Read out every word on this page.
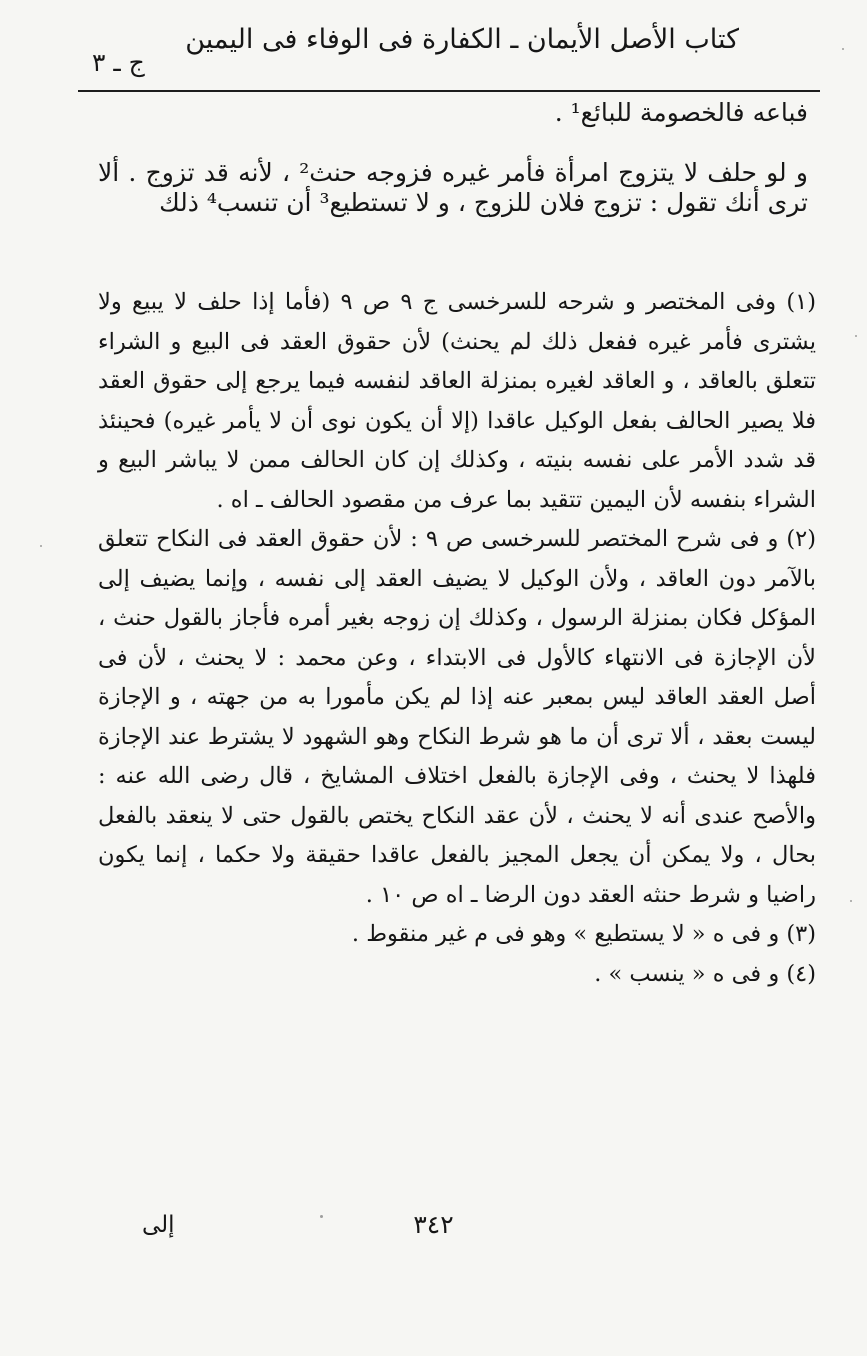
كتاب الأصل الأيمان ـ الكفارة فى الوفاء فى اليمين
ج ـ ٣

فباعه فالخصومة للبائع¹ .

و لو حلف لا يتزوج امرأة فأمر غيره فزوجه حنث² ، لأنه قد تزوج . ألا ترى أنك تقول : تزوج فلان للزوج ، و لا تستطيع³ أن تنسب⁴ ذلك

(١) وفى المختصر و شرحه للسرخسى ج ٩ ص ٩ (فأما إذا حلف لا يبيع ولا يشترى فأمر غيره ففعل ذلك لم يحنث) لأن حقوق العقد فى البيع و الشراء تتعلق بالعاقد ، و العاقد لغيره بمنزلة العاقد لنفسه فيما يرجع إلى حقوق العقد فلا يصير الحالف بفعل الوكيل عاقدا (إلا أن يكون نوى أن لا يأمر غيره) فحينئذ قد شدد الأمر على نفسه بنيته ، وكذلك إن كان الحالف ممن لا يباشر البيع و الشراء بنفسه لأن اليمين تتقيد بما عرف من مقصود الحالف ـ اه .

(٢) و فى شرح المختصر للسرخسى ص ٩ : لأن حقوق العقد فى النكاح تتعلق بالآمر دون العاقد ، ولأن الوكيل لا يضيف العقد إلى نفسه ، وإنما يضيف إلى المؤكل فكان بمنزلة الرسول ، وكذلك إن زوجه بغير أمره فأجاز بالقول حنث ، لأن الإجازة فى الانتهاء كالأول فى الابتداء ، وعن محمد : لا يحنث ، لأن فى أصل العقد العاقد ليس بمعبر عنه إذا لم يكن مأمورا به من جهته ، و الإجازة ليست بعقد ، ألا ترى أن ما هو شرط النكاح وهو الشهود لا يشترط عند الإجازة فلهذا لا يحنث ، وفى الإجازة بالفعل اختلاف المشايخ ، قال رضى الله عنه : والأصح عندى أنه لا يحنث ، لأن عقد النكاح يختص بالقول حتى لا ينعقد بالفعل بحال ، ولا يمكن أن يجعل المجيز بالفعل عاقدا حقيقة ولا حكما ، إنما يكون راضيا و شرط حنثه العقد دون الرضا ـ اه ص ١٠ .

(٣) و فى ه « لا يستطيع » وهو فى م غير منقوط .

(٤) و فى ه « ينسب » .

٣٤٢
إلى
